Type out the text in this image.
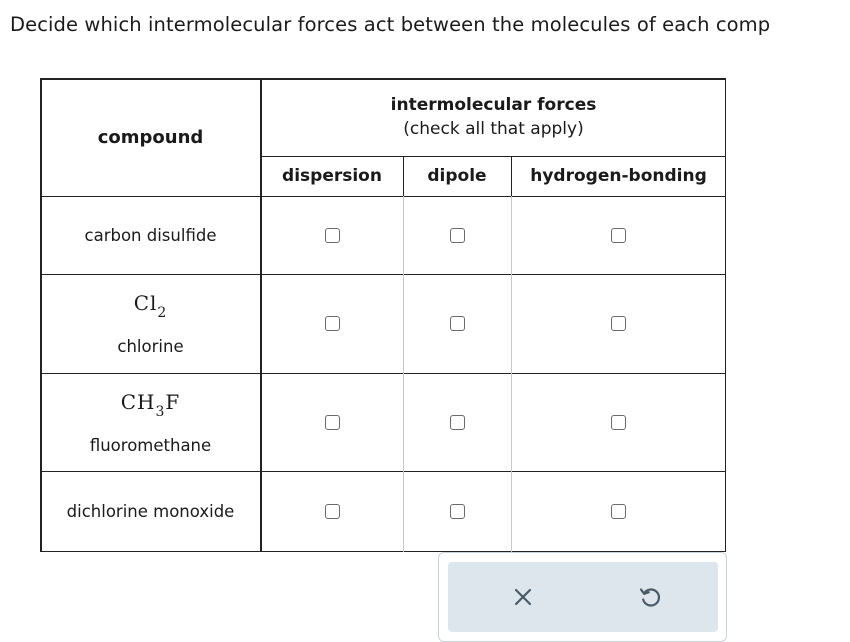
Decide which intermolecular forces act between the molecules of each comp
compound
intermolecular forces
(check all that apply)
dispersion	dipole	hydrogen-bonding
carbon disulfide
$Cl_2$
chlorine
$CH_3F$
fluoromethane
dichlorine monoxide
